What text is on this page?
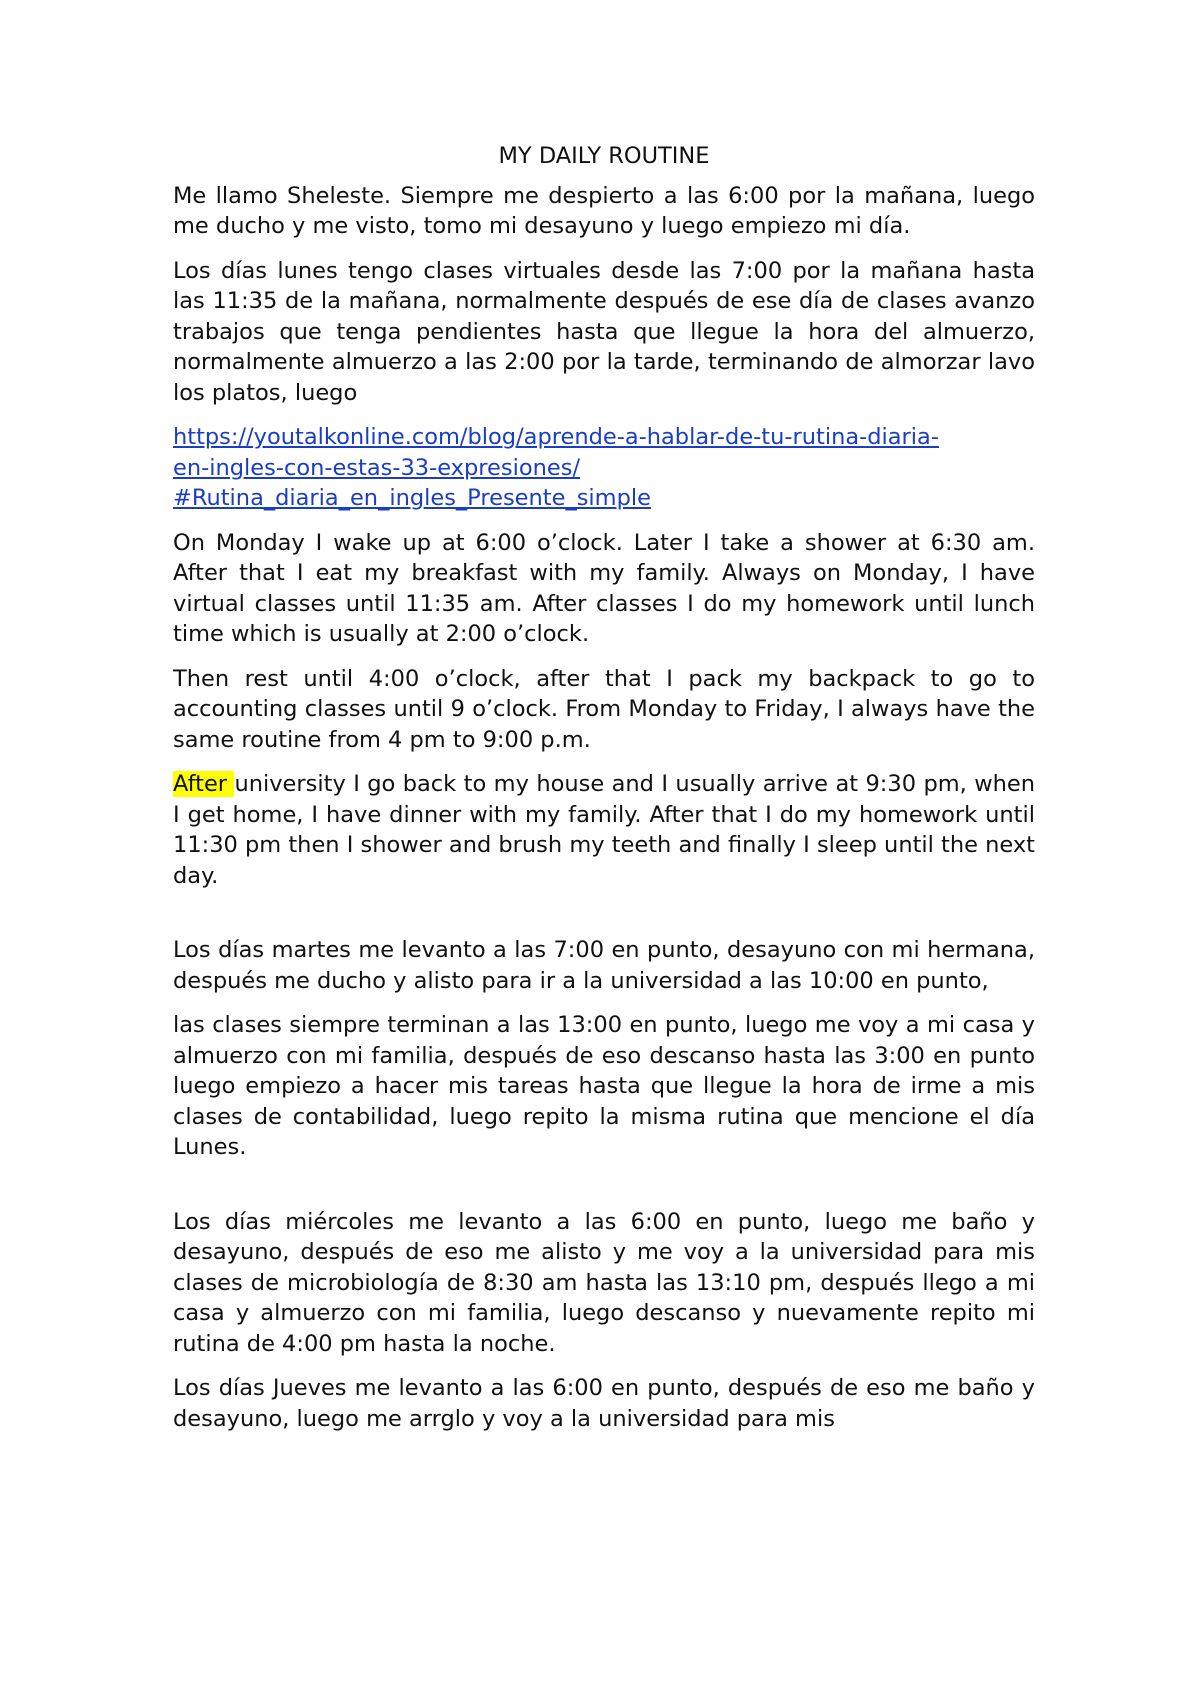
MY DAILY ROUTINE

Me llamo Sheleste. Siempre me despierto a las 6:00 por la mañana, luego me ducho y me visto, tomo mi desayuno y luego empiezo mi día.

Los días lunes tengo clases virtuales desde las 7:00 por la mañana hasta las 11:35 de la mañana, normalmente después de ese día de clases avanzo trabajos que tenga pendientes hasta que llegue la hora del almuerzo, normalmente almuerzo a las 2:00 por la tarde, terminando de almorzar lavo los platos, luego

https://youtalkonline.com/blog/aprende-a-hablar-de-tu-rutina-diaria-
en-ingles-con-estas-33-expresiones/
#Rutina_diaria_en_ingles_Presente_simple

On Monday I wake up at 6:00 o’clock. Later I take a shower at 6:30 am. After that I eat my breakfast with my family. Always on Monday, I have virtual classes until 11:35 am. After classes I do my homework until lunch time which is usually at 2:00 o’clock.

Then rest until 4:00 o’clock, after that I pack my backpack to go to accounting classes until 9 o’clock. From Monday to Friday, I always have the same routine from 4 pm to 9:00 p.m.

After university I go back to my house and I usually arrive at 9:30 pm, when I get home, I have dinner with my family. After that I do my homework until 11:30 pm then I shower and brush my teeth and finally I sleep until the next day.

Los días martes me levanto a las 7:00 en punto, desayuno con mi hermana, después me ducho y alisto para ir a la universidad a las 10:00 en punto,

las clases siempre terminan a las 13:00 en punto, luego me voy a mi casa y almuerzo con mi familia, después de eso descanso hasta las 3:00 en punto luego empiezo a hacer mis tareas hasta que llegue la hora de irme a mis clases de contabilidad, luego repito la misma rutina que mencione el día Lunes.

Los días miércoles me levanto a las 6:00 en punto, luego me baño y desayuno, después de eso me alisto y me voy a la universidad para mis clases de microbiología de 8:30 am hasta las 13:10 pm, después llego a mi casa y almuerzo con mi familia, luego descanso y nuevamente repito mi rutina de 4:00 pm hasta la noche.

Los días Jueves me levanto a las 6:00 en punto, después de eso me baño y desayuno, luego me arrglo y voy a la universidad para mis
